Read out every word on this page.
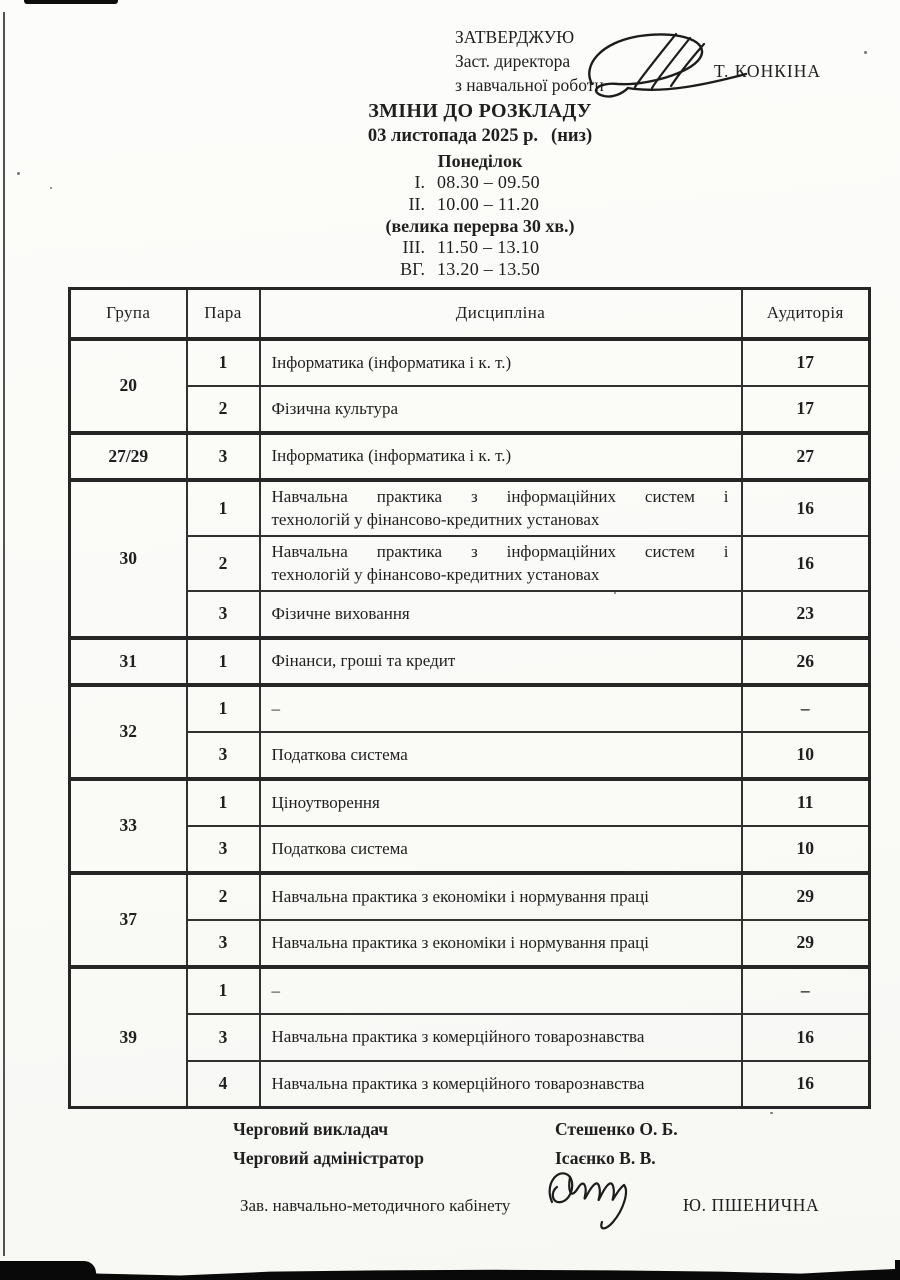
ЗАТВЕРДЖУЮ
Заст. директора
з навчальної роботи
Т. КОНКІНА
ЗМІНИ ДО РОЗКЛАДУ
03 листопада 2025 р. (низ)
Понеділок
I. 08.30 – 09.50
II. 10.00 – 11.20
(велика перерва 30 хв.)
III. 11.50 – 13.10
ВГ. 13.20 – 13.50
Група	Пара	Дисципліна	Аудиторія
20	1	Інформатика (інформатика і к. т.)	17
	2	Фізична культура	17
27/29	3	Інформатика (інформатика і к. т.)	27
30	1	Навчальна практика з інформаційних систем і
технологій у фінансово-кредитних установах	16
	2	Навчальна практика з інформаційних систем і
технологій у фінансово-кредитних установах	16
	3	Фізичне виховання	23
31	1	Фінанси, гроші та кредит	26
32	1	–	–
	3	Податкова система	10
33	1	Ціноутворення	11
	3	Податкова система	10
37	2	Навчальна практика з економіки і нормування праці	29
	3	Навчальна практика з економіки і нормування праці	29
39	1	–	–
	3	Навчальна практика з комерційного товарознавства	16
	4	Навчальна практика з комерційного товарознавства	16
Черговий викладач	Стешенко О. Б.
Черговий адміністратор	Ісаєнко В. В.
Зав. навчально-методичного кабінету	Ю. ПШЕНИЧНА
